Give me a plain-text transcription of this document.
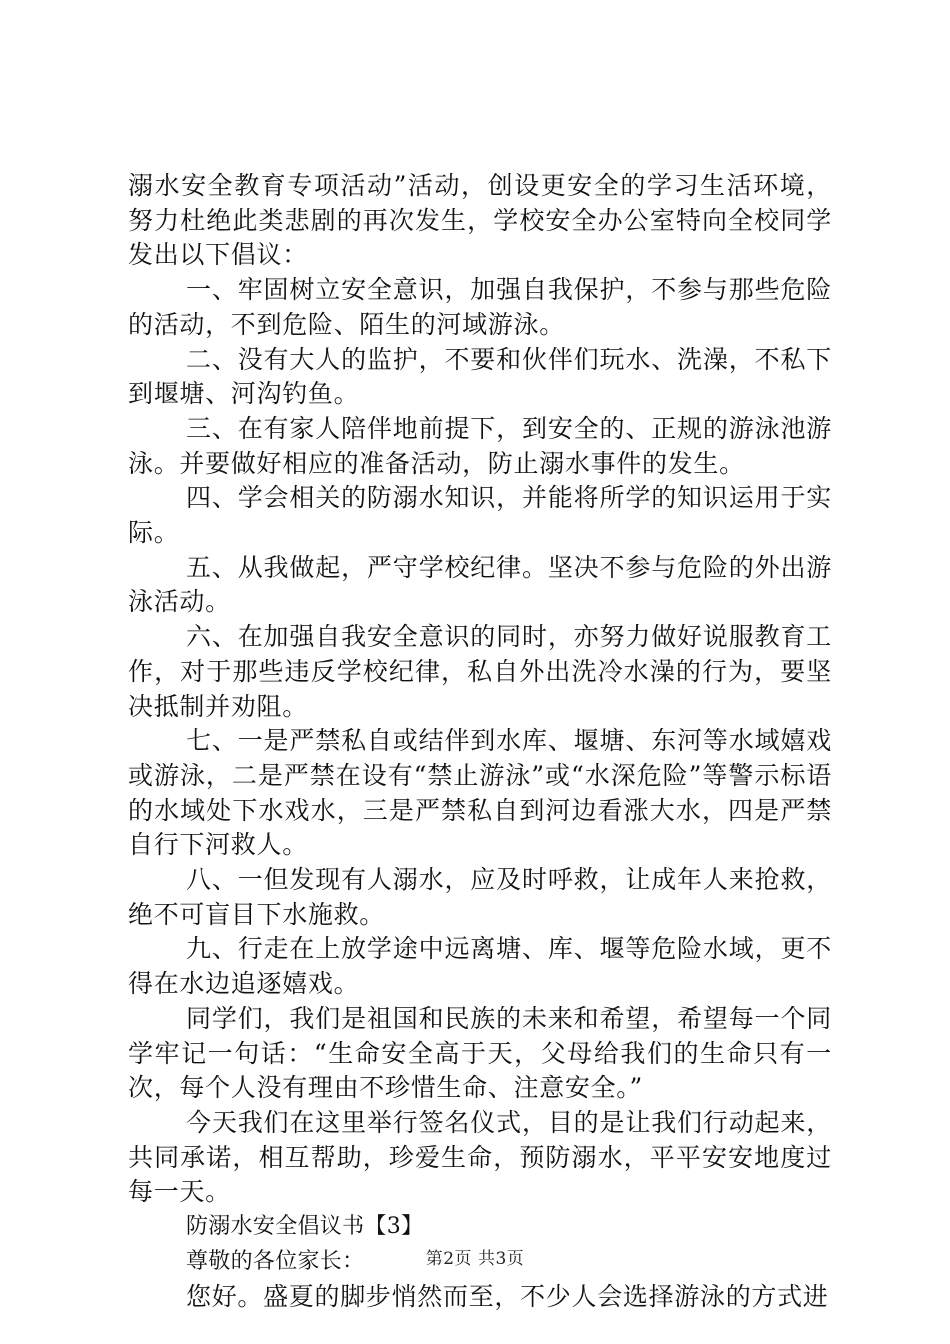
溺水安全教育专项活动”活动，创设更安全的学习生活环境，努力杜绝此类悲剧的再次发生，学校安全办公室特向全校同学发出以下倡议：

一、牢固树立安全意识，加强自我保护，不参与那些危险的活动，不到危险、陌生的河域游泳。

二、没有大人的监护，不要和伙伴们玩水、洗澡，不私下到堰塘、河沟钓鱼。

三、在有家人陪伴地前提下，到安全的、正规的游泳池游泳。并要做好相应的准备活动，防止溺水事件的发生。

四、学会相关的防溺水知识，并能将所学的知识运用于实际。

五、从我做起，严守学校纪律。坚决不参与危险的外出游泳活动。

六、在加强自我安全意识的同时，亦努力做好说服教育工作，对于那些违反学校纪律，私自外出洗冷水澡的行为，要坚决抵制并劝阻。

七、一是严禁私自或结伴到水库、堰塘、东河等水域嬉戏或游泳，二是严禁在设有“禁止游泳”或“水深危险”等警示标语的水域处下水戏水，三是严禁私自到河边看涨大水，四是严禁自行下河救人。

八、一但发现有人溺水，应及时呼救，让成年人来抢救，绝不可盲目下水施救。

九、行走在上放学途中远离塘、库、堰等危险水域，更不得在水边追逐嬉戏。

同学们，我们是祖国和民族的未来和希望，希望每一个同学牢记一句话：“生命安全高于天，父母给我们的生命只有一次，每个人没有理由不珍惜生命、注意安全。”

今天我们在这里举行签名仪式，目的是让我们行动起来，共同承诺，相互帮助，珍爱生命，预防溺水，平平安安地度过每一天。

防溺水安全倡议书【3】

尊敬的各位家长：

您好。盛夏的脚步悄然而至，不少人会选择游泳的方式进

第2页 共3页
